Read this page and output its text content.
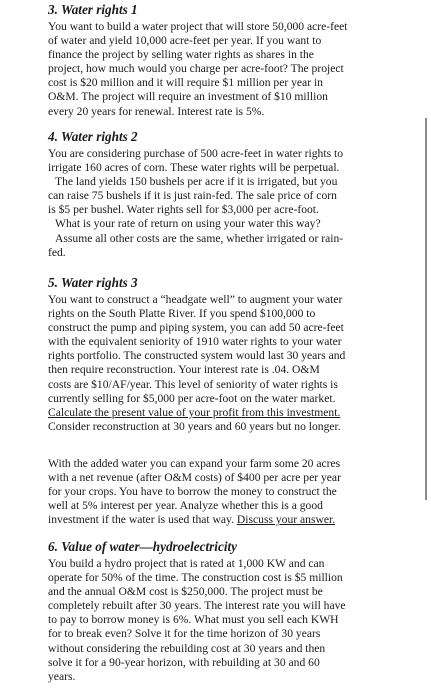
3. Water rights 1

You want to build a water project that will store 50,000 acre-feet
of water and yield 10,000 acre-feet per year. If you want to
finance the project by selling water rights as shares in the
project, how much would you charge per acre-foot? The project
cost is $20 million and it will require $1 million per year in
O&M. The project will require an investment of $10 million
every 20 years for renewal. Interest rate is 5%.

4. Water rights 2

You are considering purchase of 500 acre-feet in water rights to
irrigate 160 acres of corn. These water rights will be perpetual.
The land yields 150 bushels per acre if it is irrigated, but you
can raise 75 bushels if it is just rain-fed. The sale price of corn
is $5 per bushel. Water rights sell for $3,000 per acre-foot.
What is your rate of return on using your water this way?
Assume all other costs are the same, whether irrigated or rain-
fed.

5. Water rights 3

You want to construct a “headgate well” to augment your water
rights on the South Platte River. If you spend $100,000 to
construct the pump and piping system, you can add 50 acre-feet
with the equivalent seniority of 1910 water rights to your water
rights portfolio. The constructed system would last 30 years and
then require reconstruction. Your interest rate is .04. O&M
costs are $10/AF/year. This level of seniority of water rights is
currently selling for $5,000 per acre-foot on the water market.
Calculate the present value of your profit from this investment.
Consider reconstruction at 30 years and 60 years but no longer.

With the added water you can expand your farm some 20 acres
with a net revenue (after O&M costs) of $400 per acre per year
for your crops. You have to borrow the money to construct the
well at 5% interest per year. Analyze whether this is a good
investment if the water is used that way. Discuss your answer.

6. Value of water—hydroelectricity

You build a hydro project that is rated at 1,000 KW and can
operate for 50% of the time. The construction cost is $5 million
and the annual O&M cost is $250,000. The project must be
completely rebuilt after 30 years. The interest rate you will have
to pay to borrow money is 6%. What must you sell each KWH
for to break even? Solve it for the time horizon of 30 years
without considering the rebuilding cost at 30 years and then
solve it for a 90-year horizon, with rebuilding at 30 and 60
years.
